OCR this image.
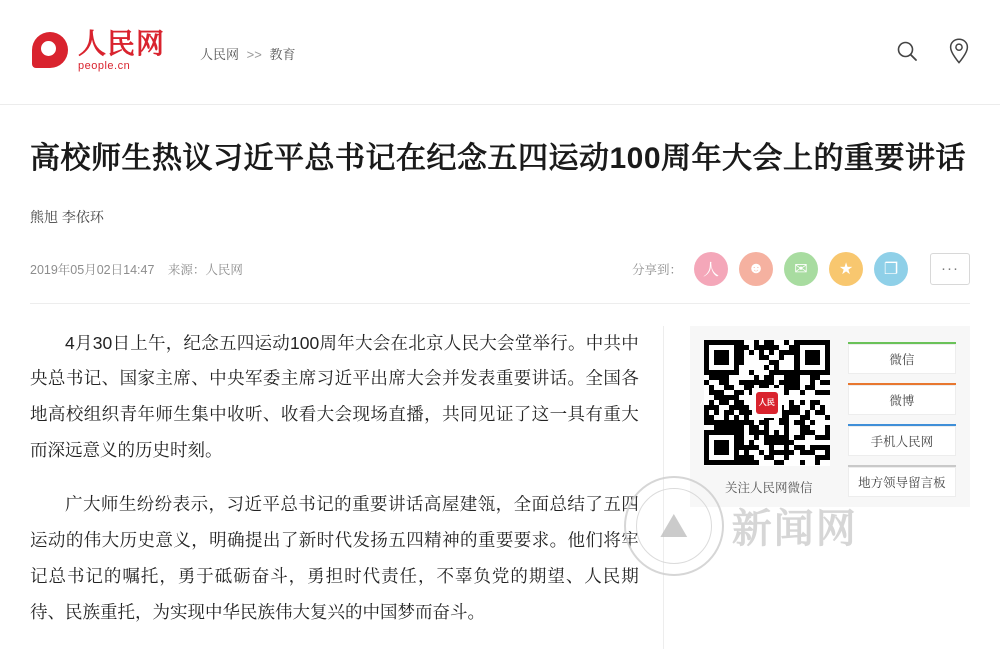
人民网
people.cn
人民网 >> 教育
高校师生热议习近平总书记在纪念五四运动100周年大会上的重要讲话
熊旭 李依环
2019年05月02日14:47 来源：人民网	分享到： 人 ☻ ✉ ★ ❐	···

4月30日上午，纪念五四运动100周年大会在北京人民大会堂举行。中共中央总书记、国家主席、中央军委主席习近平出席大会并发表重要讲话。全国各地高校组织青年师生集中收听、收看大会现场直播，共同见证了这一具有重大而深远意义的历史时刻。

广大师生纷纷表示，习近平总书记的重要讲话高屋建瓴，全面总结了五四运动的伟大历史意义，明确提出了新时代发扬五四精神的重要要求。他们将牢记总书记的嘱托，勇于砥砺奋斗，勇担时代责任，不辜负党的期望、人民期待、民族重托，为实现中华民族伟大复兴的中国梦而奋斗。

人民
关注人民网微信
微信
微博
手机人民网
地方领导留言板
⛰ 新闻网
